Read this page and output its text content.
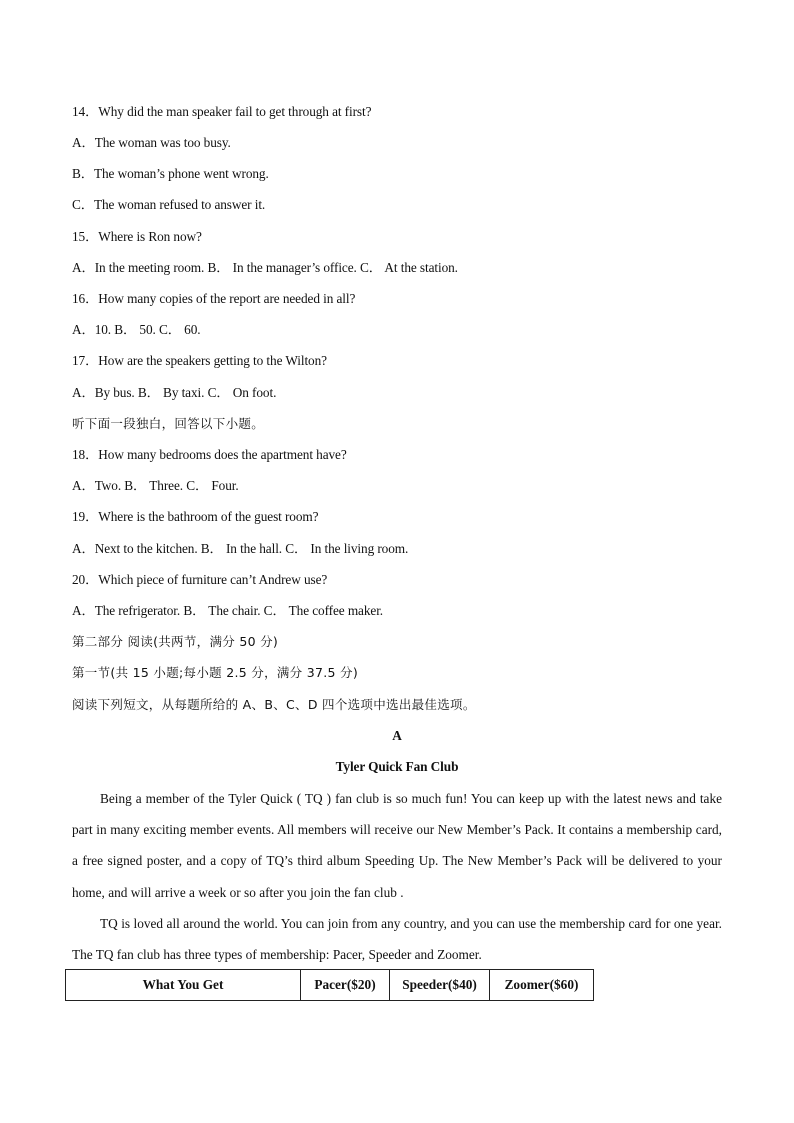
14．Why did the man speaker fail to get through at first?
A．The woman was too busy.
B．The woman’s phone went wrong.
C．The woman refused to answer it.
15．Where is Ron now?
A．In the meeting room. B． In the manager’s office. C． At the station.
16．How many copies of the report are needed in all?
A．10. B． 50. C． 60.
17．How are the speakers getting to the Wilton?
A．By bus. B． By taxi. C． On foot.
听下面一段独白，回答以下小题。
18．How many bedrooms does the apartment have?
A．Two. B． Three. C． Four.
19．Where is the bathroom of the guest room?
A．Next to the kitchen. B． In the hall. C． In the living room.
20．Which piece of furniture can’t Andrew use?
A．The refrigerator. B． The chair. C． The coffee maker.
第二部分 阅读(共两节，满分 50 分)
第一节(共 15 小题;每小题 2.5 分，满分 37.5 分)
阅读下列短文，从每题所给的 A、B、C、D 四个选项中选出最佳选项。
A
Tyler Quick Fan Club
Being a member of the Tyler Quick ( TQ ) fan club is so much fun! You can keep up with the latest news and take part in many exciting member events. All members will receive our New Member’s Pack. It contains a membership card, a free signed poster, and a copy of TQ’s third album Speeding Up. The New Member’s Pack will be delivered to your home, and will arrive a week or so after you join the fan club .
TQ is loved all around the world. You can join from any country, and you can use the membership card for one year. The TQ fan club has three types of membership: Pacer, Speeder and Zoomer.
What You Get	Pacer($20)	Speeder($40)	Zoomer($60)
